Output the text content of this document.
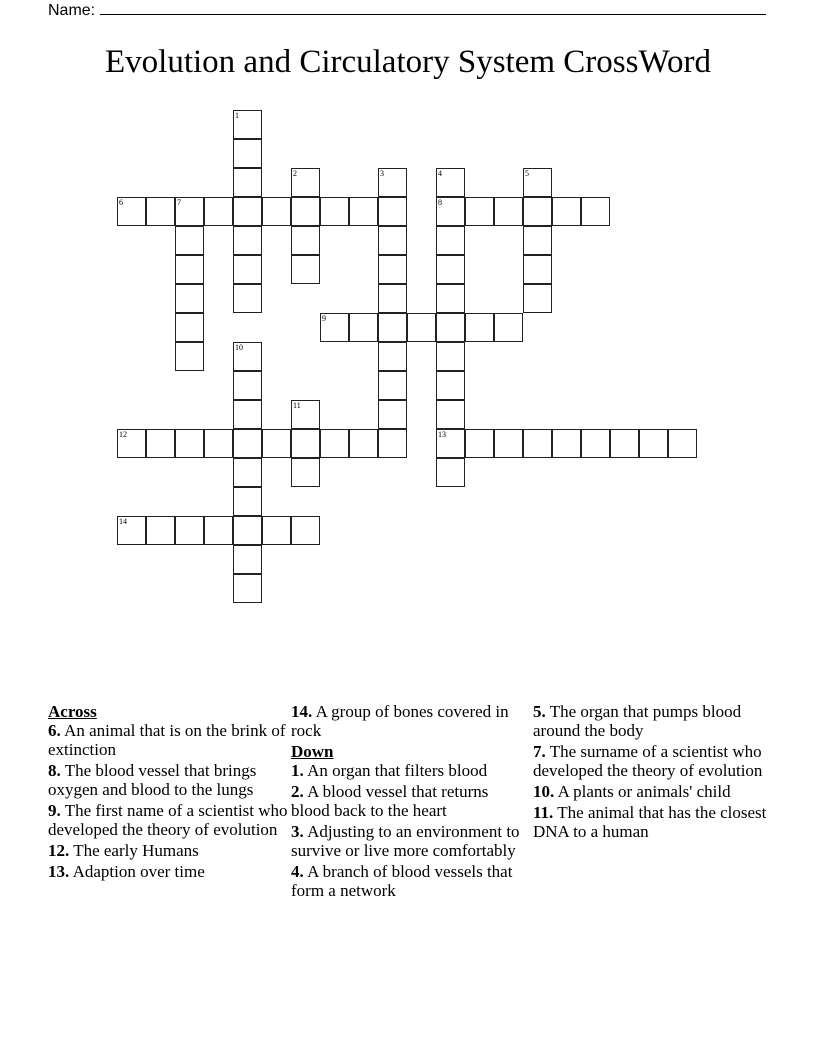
Name:
Evolution and Circulatory System CrossWord
1
2	3	4
8
13
5
6	7
9
10
11
12
14
Across
6. An animal that is on the brink of extinction
8. The blood vessel that brings oxygen and blood to the lungs
9. The first name of a scientist who developed the theory of evolution
12. The early Humans
13. Adaption over time
14. A group of bones covered in rock
Down
1. An organ that filters blood
2. A blood vessel that returns blood back to the heart
3. Adjusting to an environment to survive or live more comfortably
4. A branch of blood vessels that form a network
5. The organ that pumps blood around the body
7. The surname of a scientist who developed the theory of evolution
10. A plants or animals' child
11. The animal that has the closest DNA to a human
